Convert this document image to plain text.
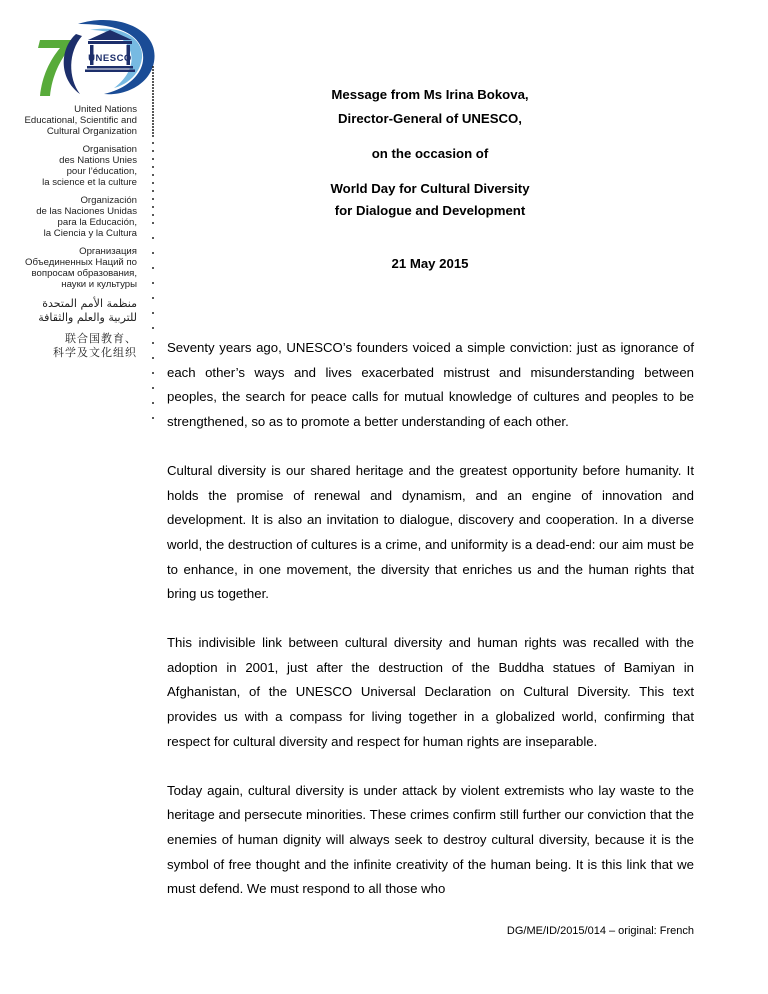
UNESCO
70
United Nations
Educational, Scientific and
Cultural Organization
Organisation
des Nations Unies
pour l’éducation,
la science et la culture
Organización
de las Naciones Unidas
para la Educación,
la Ciencia y la Cultura
Организация
Объединенных Наций по
вопросам образования,
науки и культуры
منظمة الأمم المتحدة
للتربية والعلم والثقافة
联合国教育、
科学及文化组织
Message from Ms Irina Bokova,
Director-General of UNESCO,
on the occasion of
World Day for Cultural Diversity
for Dialogue and Development
21 May 2015

Seventy years ago, UNESCO’s founders voiced a simple conviction: just as ignorance of each other’s ways and lives exacerbated mistrust and misunderstanding between peoples, the search for peace calls for mutual knowledge of cultures and peoples to be strengthened, so as to promote a better understanding of each other.

Cultural diversity is our shared heritage and the greatest opportunity before humanity. It holds the promise of renewal and dynamism, and an engine of innovation and development. It is also an invitation to dialogue, discovery and cooperation. In a diverse world, the destruction of cultures is a crime, and uniformity is a dead-end: our aim must be to enhance, in one movement, the diversity that enriches us and the human rights that bring us together.

This indivisible link between cultural diversity and human rights was recalled with the adoption in 2001, just after the destruction of the Buddha statues of Bamiyan in Afghanistan, of the UNESCO Universal Declaration on Cultural Diversity. This text provides us with a compass for living together in a globalized world, confirming that respect for cultural diversity and respect for human rights are inseparable.

Today again, cultural diversity is under attack by violent extremists who lay waste to the heritage and persecute minorities. These crimes confirm still further our conviction that the enemies of human dignity will always seek to destroy cultural diversity, because it is the symbol of free thought and the infinite creativity of the human being. It is this link that we must defend. We must respond to all those who

DG/ME/ID/2015/014 – original: French
